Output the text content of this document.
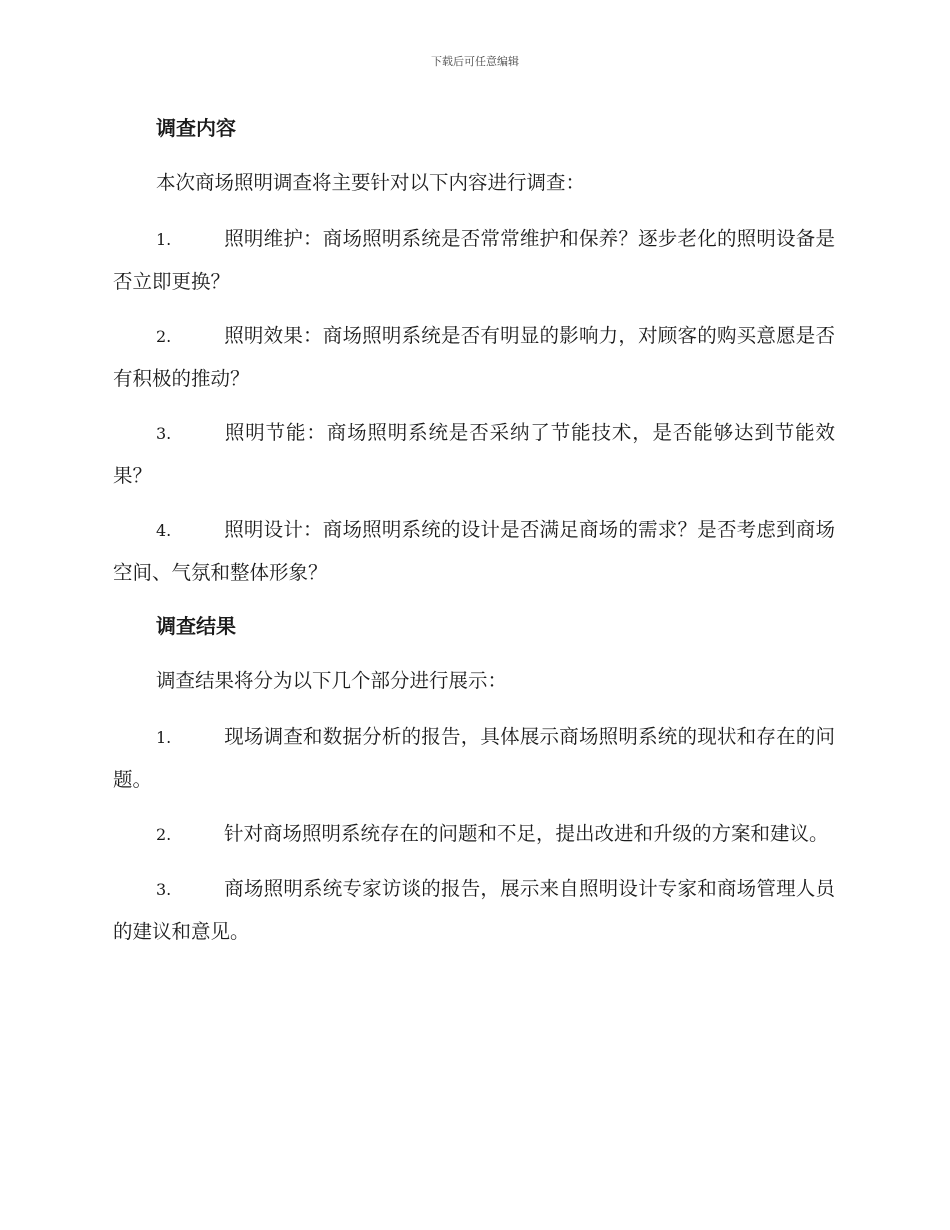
下载后可任意编辑
调查内容

本次商场照明调查将主要针对以下内容进行调查：

1.	照明维护：商场照明系统是否常常维护和保养？逐步老化的照明设备是否立即更换？

2.	照明效果：商场照明系统是否有明显的影响力，对顾客的购买意愿是否有积极的推动？

3.	照明节能：商场照明系统是否采纳了节能技术，是否能够达到节能效果？

4.	照明设计：商场照明系统的设计是否满足商场的需求？是否考虑到商场空间、气氛和整体形象？

调查结果

调查结果将分为以下几个部分进行展示：

1.	现场调查和数据分析的报告，具体展示商场照明系统的现状和存在的问题。

2.	针对商场照明系统存在的问题和不足，提出改进和升级的方案和建议。

3.	商场照明系统专家访谈的报告，展示来自照明设计专家和商场管理人员的建议和意见。
